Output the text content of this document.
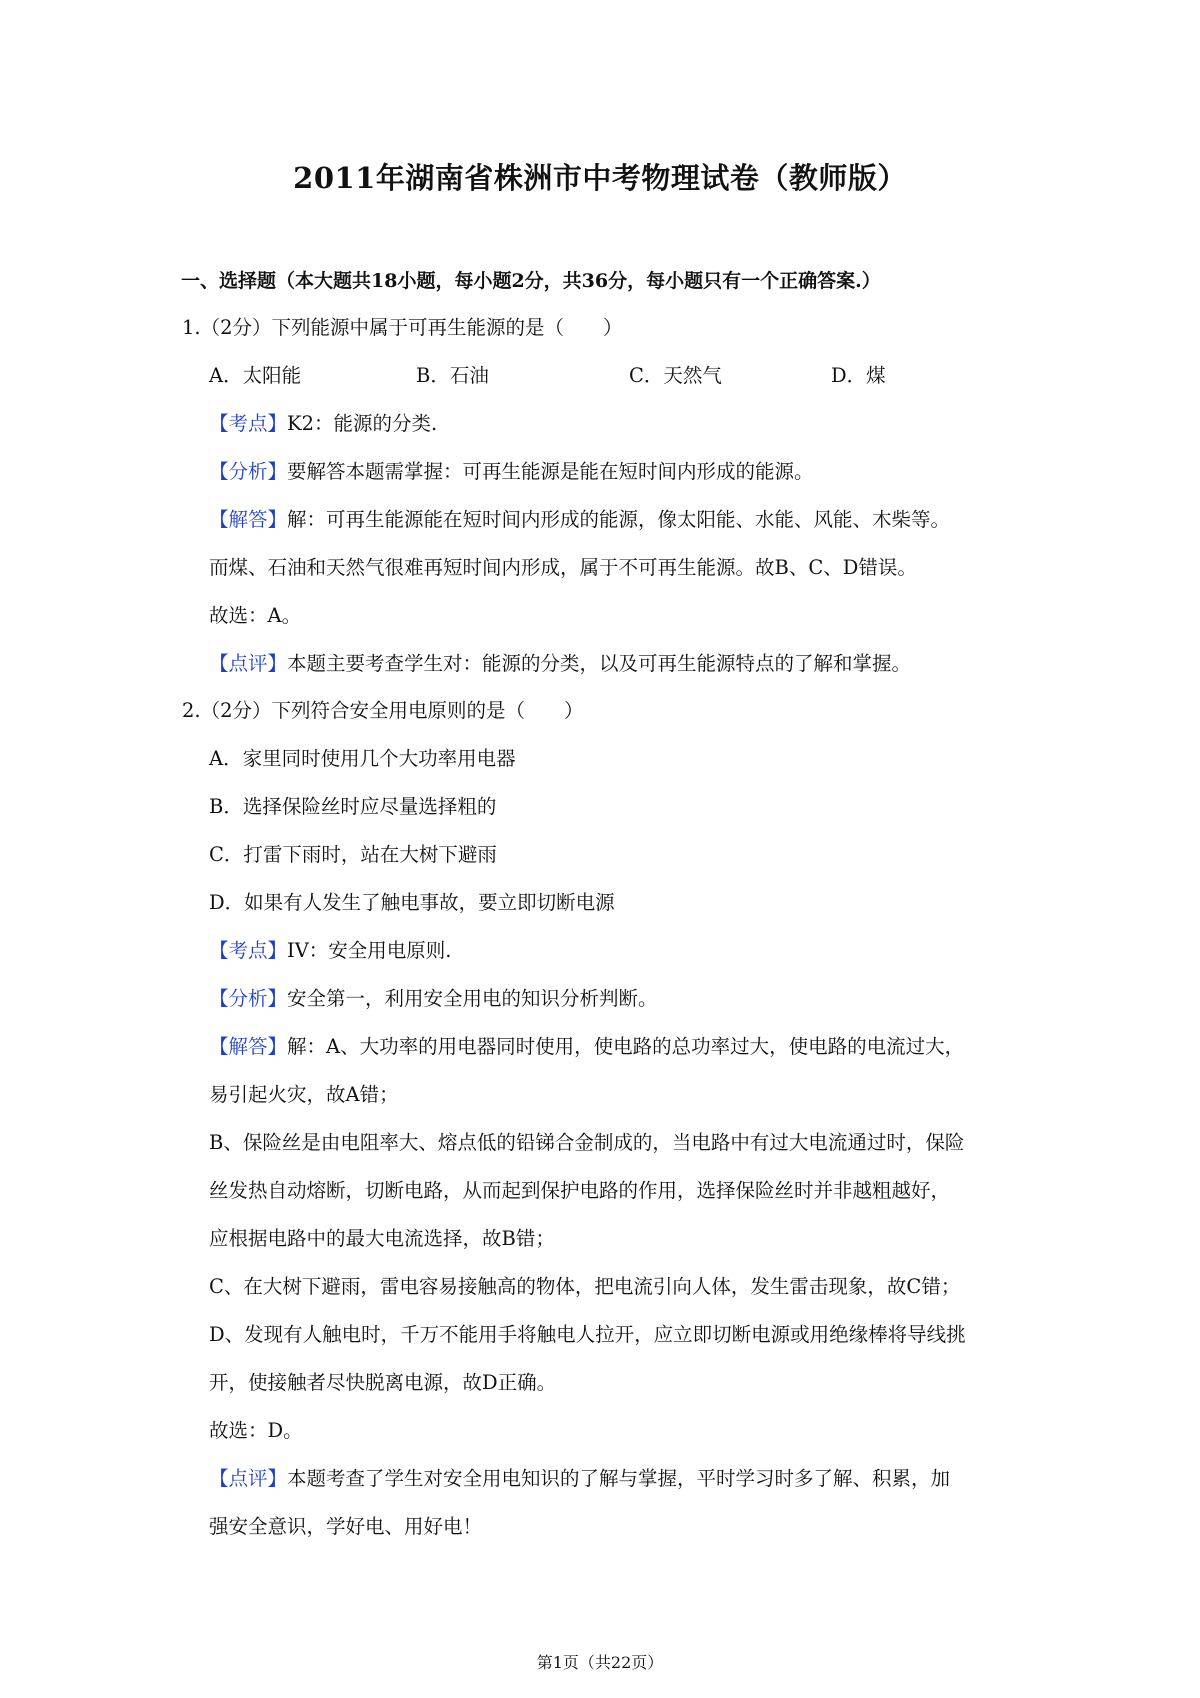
2011年湖南省株洲市中考物理试卷（教师版）
一、选择题（本大题共18小题，每小题2分，共36分，每小题只有一个正确答案.）
1.（2分）下列能源中属于可再生能源的是（　　）
A．太阳能	B．石油	C．天然气	D．煤
【考点】K2：能源的分类.
【分析】要解答本题需掌握：可再生能源是能在短时间内形成的能源。
【解答】解：可再生能源能在短时间内形成的能源，像太阳能、水能、风能、木柴等。
而煤、石油和天然气很难再短时间内形成，属于不可再生能源。故B、C、D错误。
故选：A。
【点评】本题主要考查学生对：能源的分类，以及可再生能源特点的了解和掌握。
2.（2分）下列符合安全用电原则的是（　　）
A．家里同时使用几个大功率用电器
B．选择保险丝时应尽量选择粗的
C．打雷下雨时，站在大树下避雨
D．如果有人发生了触电事故，要立即切断电源
【考点】IV：安全用电原则.
【分析】安全第一，利用安全用电的知识分析判断。
【解答】解：A、大功率的用电器同时使用，使电路的总功率过大，使电路的电流过大，
易引起火灾，故A错；
B、保险丝是由电阻率大、熔点低的铅锑合金制成的，当电路中有过大电流通过时，保险
丝发热自动熔断，切断电路，从而起到保护电路的作用，选择保险丝时并非越粗越好，
应根据电路中的最大电流选择，故B错；
C、在大树下避雨，雷电容易接触高的物体，把电流引向人体，发生雷击现象，故C错；
D、发现有人触电时，千万不能用手将触电人拉开，应立即切断电源或用绝缘棒将导线挑
开，使接触者尽快脱离电源，故D正确。
故选：D。
【点评】本题考查了学生对安全用电知识的了解与掌握，平时学习时多了解、积累，加
强安全意识，学好电、用好电！
第1页（共22页）
